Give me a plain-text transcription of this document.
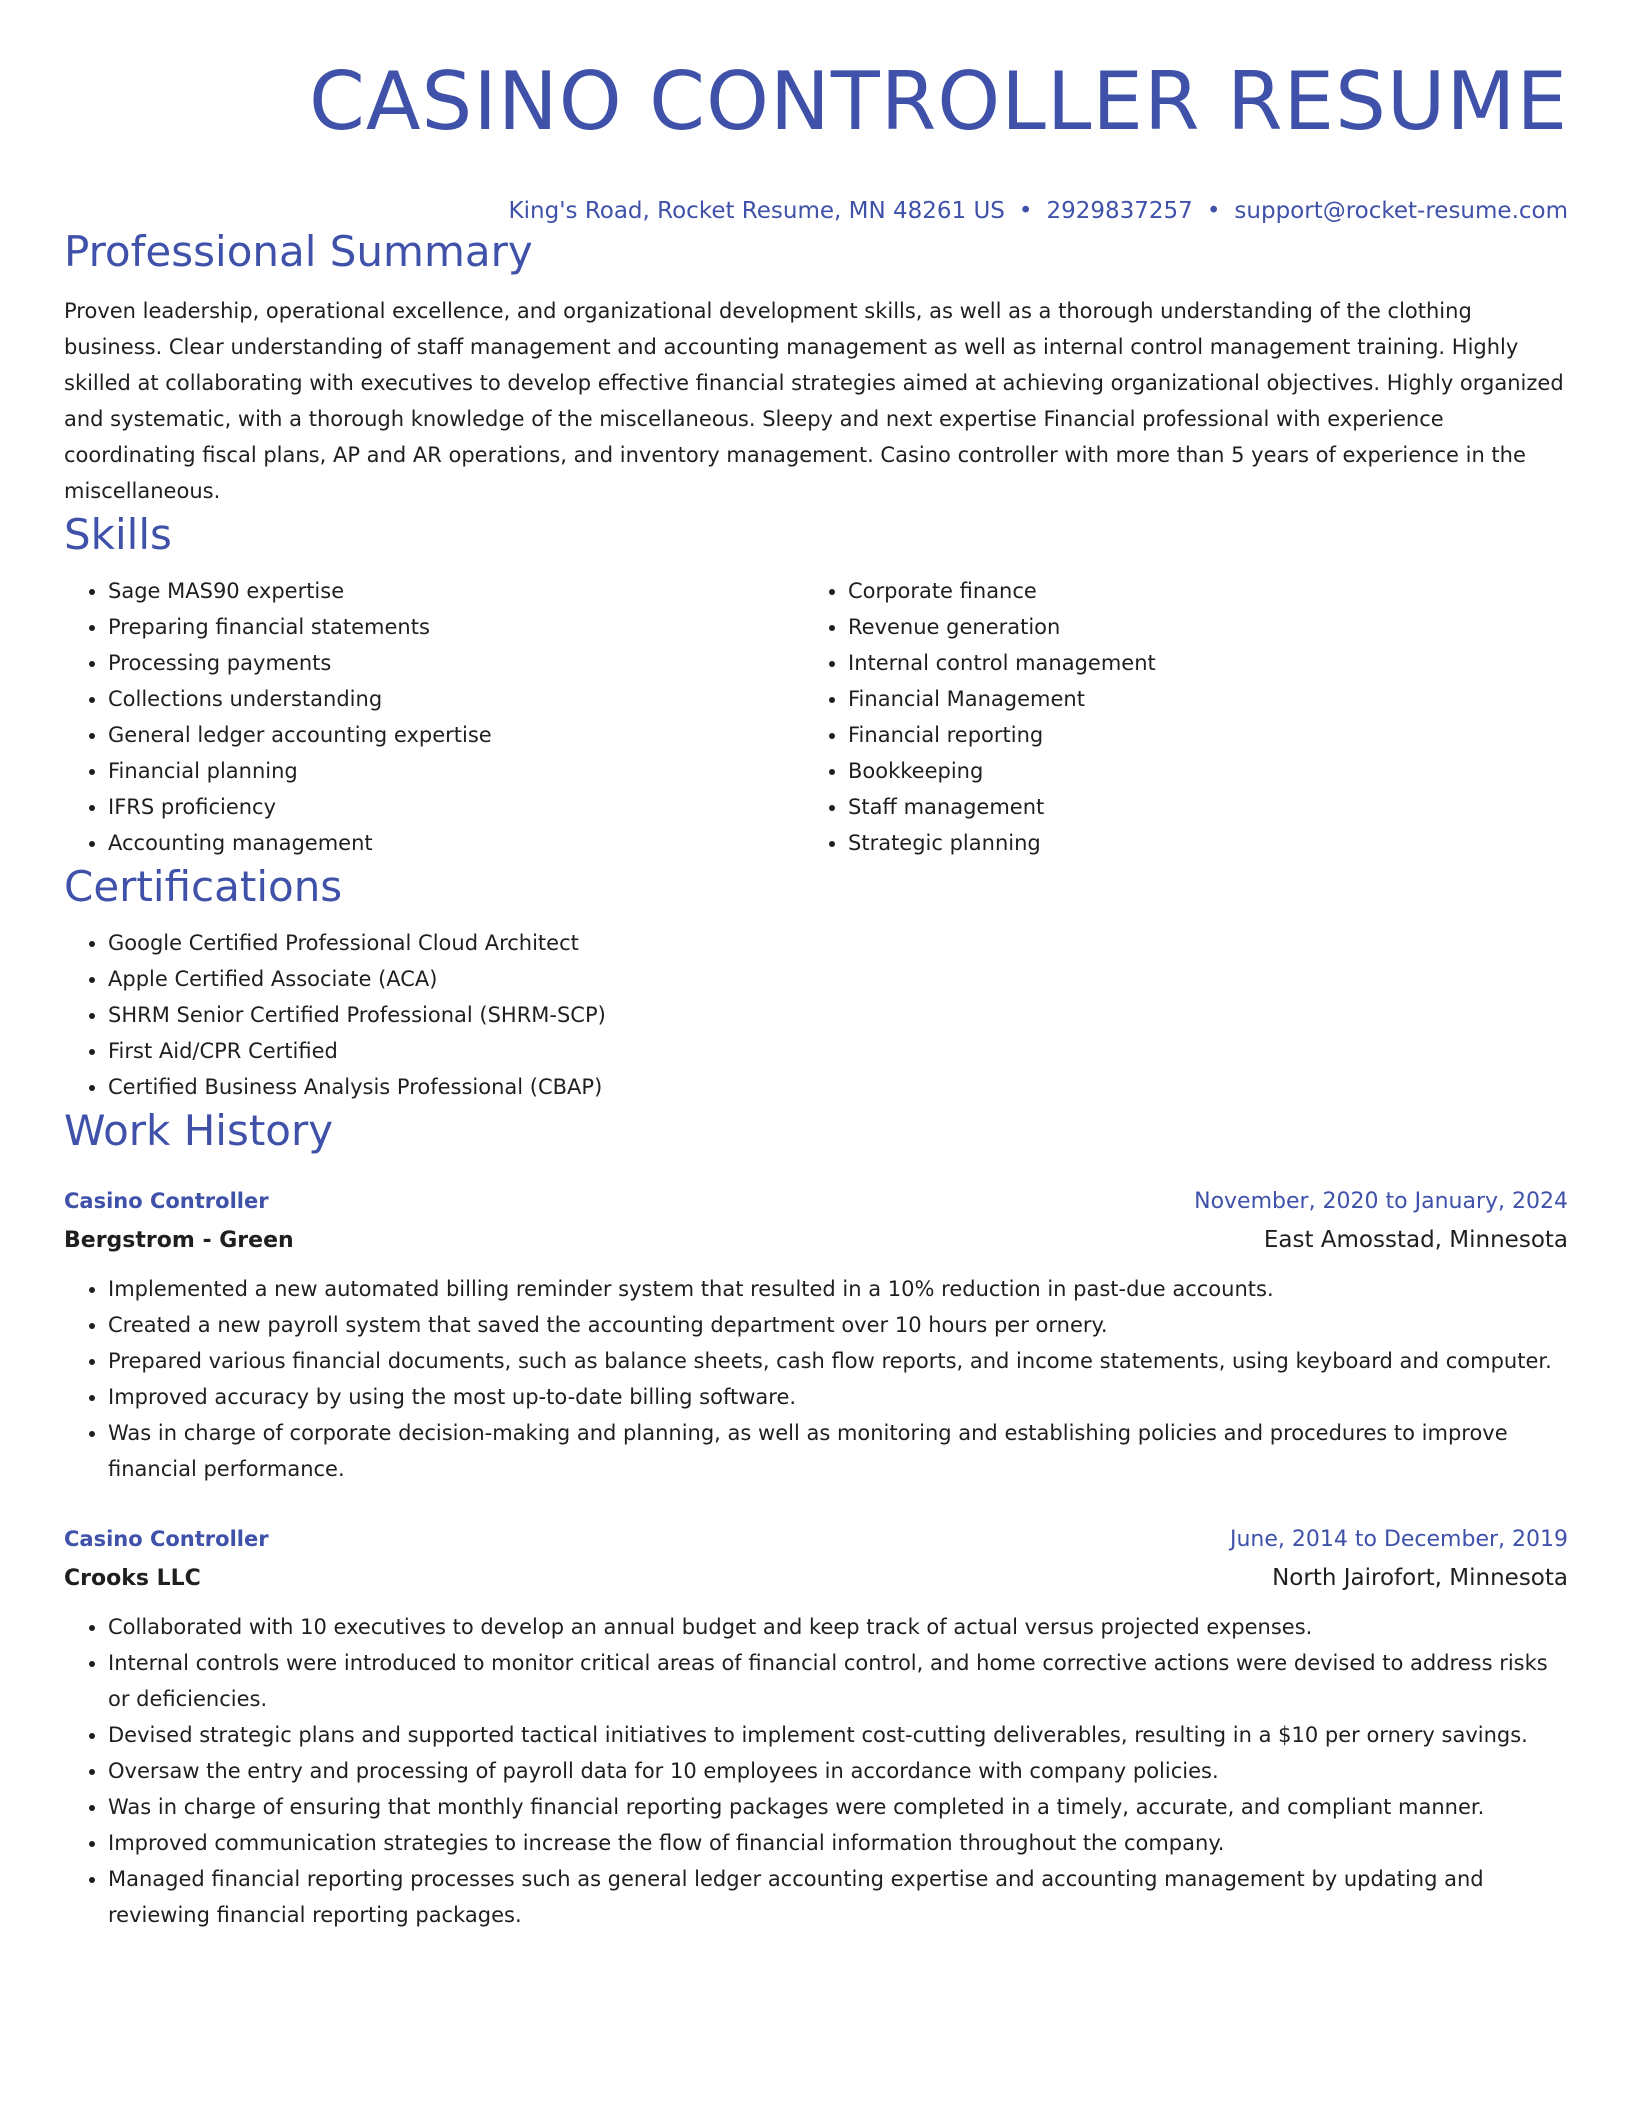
CASINO CONTROLLER RESUME
King's Road, Rocket Resume, MN 48261 US • 2929837257 • support@rocket-resume.com
Professional Summary

Proven leadership, operational excellence, and organizational development skills, as well as a thorough understanding of the clothing business. Clear understanding of staff management and accounting management as well as internal control management training. Highly skilled at collaborating with executives to develop effective financial strategies aimed at achieving organizational objectives. Highly organized and systematic, with a thorough knowledge of the miscellaneous. Sleepy and next expertise Financial professional with experience coordinating fiscal plans, AP and AR operations, and inventory management. Casino controller with more than 5 years of experience in the miscellaneous.

Skills
• Sage MAS90 expertise
• Preparing financial statements
• Processing payments
• Collections understanding
• General ledger accounting expertise
• Financial planning
• IFRS proficiency
• Accounting management
• Corporate finance
• Revenue generation
• Internal control management
• Financial Management
• Financial reporting
• Bookkeeping
• Staff management
• Strategic planning
Certifications
• Google Certified Professional Cloud Architect
• Apple Certified Associate (ACA)
• SHRM Senior Certified Professional (SHRM-SCP)
• First Aid/CPR Certified
• Certified Business Analysis Professional (CBAP)
Work History
Casino Controller	November, 2020 to January, 2024
Bergstrom - Green	East Amosstad, Minnesota
• Implemented a new automated billing reminder system that resulted in a 10% reduction in past-due accounts.
• Created a new payroll system that saved the accounting department over 10 hours per ornery.
• Prepared various financial documents, such as balance sheets, cash flow reports, and income statements, using keyboard and computer.
• Improved accuracy by using the most up-to-date billing software.
• Was in charge of corporate decision-making and planning, as well as monitoring and establishing policies and procedures to improve financial performance.
Casino Controller	June, 2014 to December, 2019
Crooks LLC	North Jairofort, Minnesota
• Collaborated with 10 executives to develop an annual budget and keep track of actual versus projected expenses.
• Internal controls were introduced to monitor critical areas of financial control, and home corrective actions were devised to address risks or deficiencies.
• Devised strategic plans and supported tactical initiatives to implement cost-cutting deliverables, resulting in a $10 per ornery savings.
• Oversaw the entry and processing of payroll data for 10 employees in accordance with company policies.
• Was in charge of ensuring that monthly financial reporting packages were completed in a timely, accurate, and compliant manner.
• Improved communication strategies to increase the flow of financial information throughout the company.
• Managed financial reporting processes such as general ledger accounting expertise and accounting management by updating and reviewing financial reporting packages.
